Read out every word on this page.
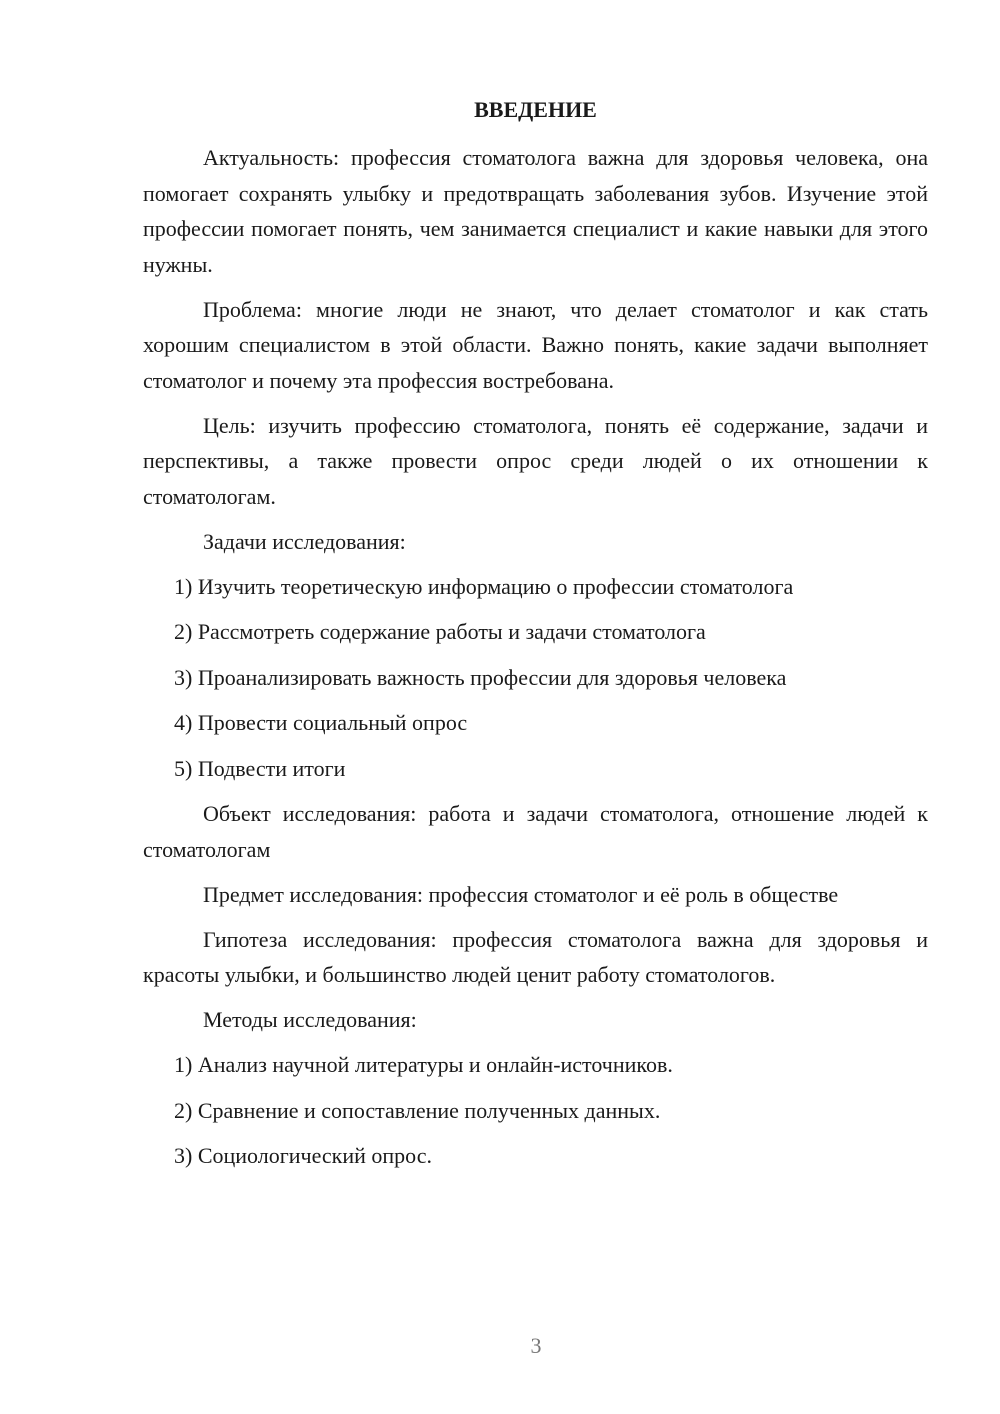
ВВЕДЕНИЕ

Актуальность: профессия стоматолога важна для здоровья человека, она помогает сохранять улыбку и предотвращать заболевания зубов. Изучение этой профессии помогает понять, чем занимается специалист и какие навыки для этого нужны.

Проблема: многие люди не знают, что делает стоматолог и как стать хорошим специалистом в этой области. Важно понять, какие задачи выполняет стоматолог и почему эта профессия востребована.

Цель: изучить профессию стоматолога, понять её содержание, задачи и перспективы, а также провести опрос среди людей о их отношении к стоматологам.

Задачи исследования:

1) Изучить теоретическую информацию о профессии стоматолога

2) Рассмотреть содержание работы и задачи стоматолога

3) Проанализировать важность профессии для здоровья человека

4) Провести социальный опрос

5) Подвести итоги

Объект исследования: работа и задачи стоматолога, отношение людей к стоматологам

Предмет исследования: профессия стоматолог и её роль в обществе

Гипотеза исследования: профессия стоматолога важна для здоровья и красоты улыбки, и большинство людей ценит работу стоматологов.

Методы исследования:

1) Анализ научной литературы и онлайн-источников.

2) Сравнение и сопоставление полученных данных.

3) Социологический опрос.

3
